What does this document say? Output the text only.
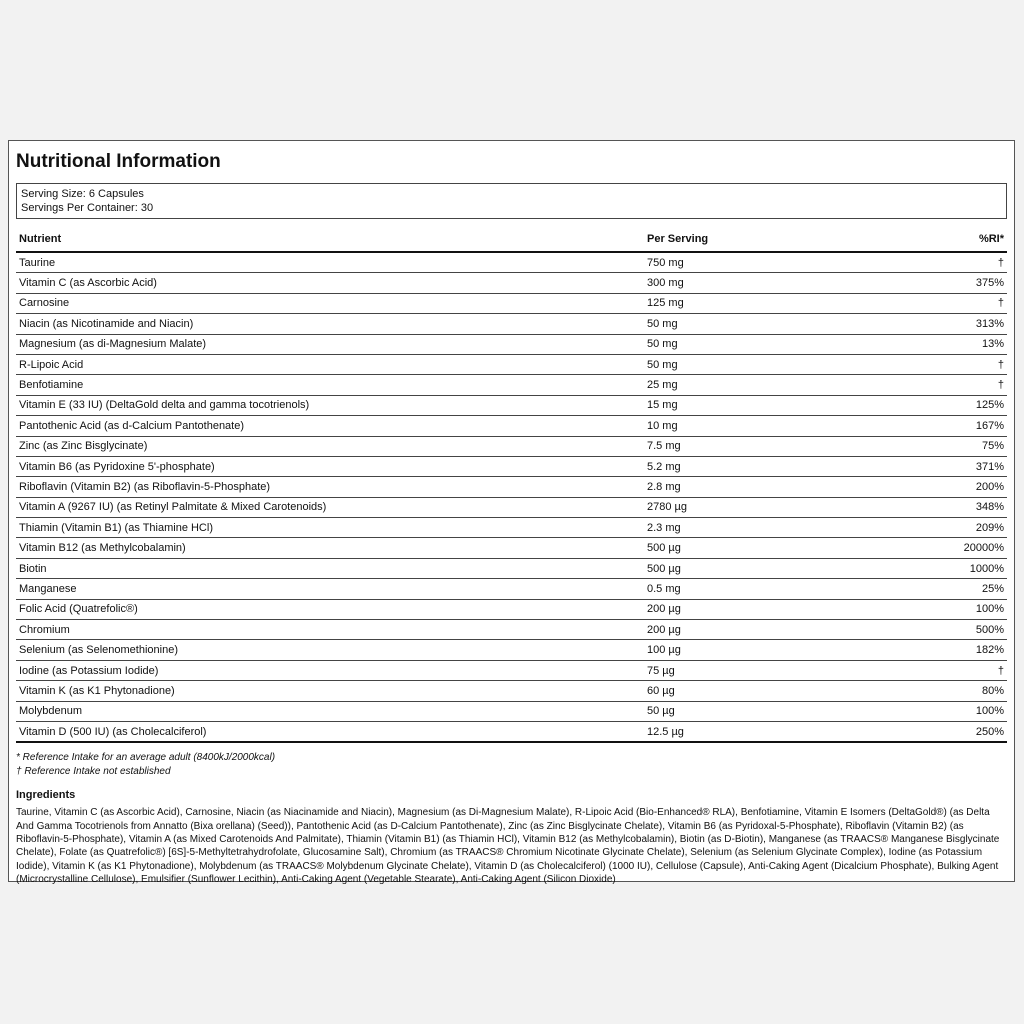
Nutritional Information
Serving Size: 6 Capsules
Servings Per Container: 30
Nutrient	Per Serving	%RI*
Taurine	750 mg	†
Vitamin C (as Ascorbic Acid)	300 mg	375%
Carnosine	125 mg	†
Niacin (as Nicotinamide and Niacin)	50 mg	313%
Magnesium (as di-Magnesium Malate)	50 mg	13%
R-Lipoic Acid	50 mg	†
Benfotiamine	25 mg	†
Vitamin E (33 IU) (DeltaGold delta and gamma tocotrienols)	15 mg	125%
Pantothenic Acid (as d-Calcium Pantothenate)	10 mg	167%
Zinc (as Zinc Bisglycinate)	7.5 mg	75%
Vitamin B6 (as Pyridoxine 5'-phosphate)	5.2 mg	371%
Riboflavin (Vitamin B2) (as Riboflavin-5-Phosphate)	2.8 mg	200%
Vitamin A (9267 IU) (as Retinyl Palmitate & Mixed Carotenoids)	2780 µg	348%
Thiamin (Vitamin B1) (as Thiamine HCl)	2.3 mg	209%
Vitamin B12 (as Methylcobalamin)	500 µg	20000%
Biotin	500 µg	1000%
Manganese	0.5 mg	25%
Folic Acid (Quatrefolic®)	200 µg	100%
Chromium	200 µg	500%
Selenium (as Selenomethionine)	100 µg	182%
Iodine (as Potassium Iodide)	75 µg	†
Vitamin K (as K1 Phytonadione)	60 µg	80%
Molybdenum	50 µg	100%
Vitamin D (500 IU) (as Cholecalciferol)	12.5 µg	250%
* Reference Intake for an average adult (8400kJ/2000kcal)
† Reference Intake not established
Ingredients
Taurine, Vitamin C (as Ascorbic Acid), Carnosine, Niacin (as Niacinamide and Niacin), Magnesium (as Di-Magnesium Malate), R-Lipoic Acid (Bio-Enhanced® RLA), Benfotiamine, Vitamin E Isomers (DeltaGold®) (as Delta And Gamma Tocotrienols from Annatto (Bixa orellana) (Seed)), Pantothenic Acid (as D-Calcium Pantothenate), Zinc (as Zinc Bisglycinate Chelate), Vitamin B6 (as Pyridoxal-5-Phosphate), Riboflavin (Vitamin B2) (as Riboflavin-5-Phosphate), Vitamin A (as Mixed Carotenoids And Palmitate), Thiamin (Vitamin B1) (as Thiamin HCl), Vitamin B12 (as Methylcobalamin), Biotin (as D-Biotin), Manganese (as TRAACS® Manganese Bisglycinate Chelate), Folate (as Quatrefolic®) [6S]-5-Methyltetrahydrofolate, Glucosamine Salt), Chromium (as TRAACS® Chromium Nicotinate Glycinate Chelate), Selenium (as Selenium Glycinate Complex), Iodine (as Potassium Iodide), Vitamin K (as K1 Phytonadione), Molybdenum (as TRAACS® Molybdenum Glycinate Chelate), Vitamin D (as Cholecalciferol) (1000 IU), Cellulose (Capsule), Anti-Caking Agent (Dicalcium Phosphate), Bulking Agent (Microcrystalline Cellulose), Emulsifier (Sunflower Lecithin), Anti-Caking Agent (Vegetable Stearate), Anti-Caking Agent (Silicon Dioxide)
